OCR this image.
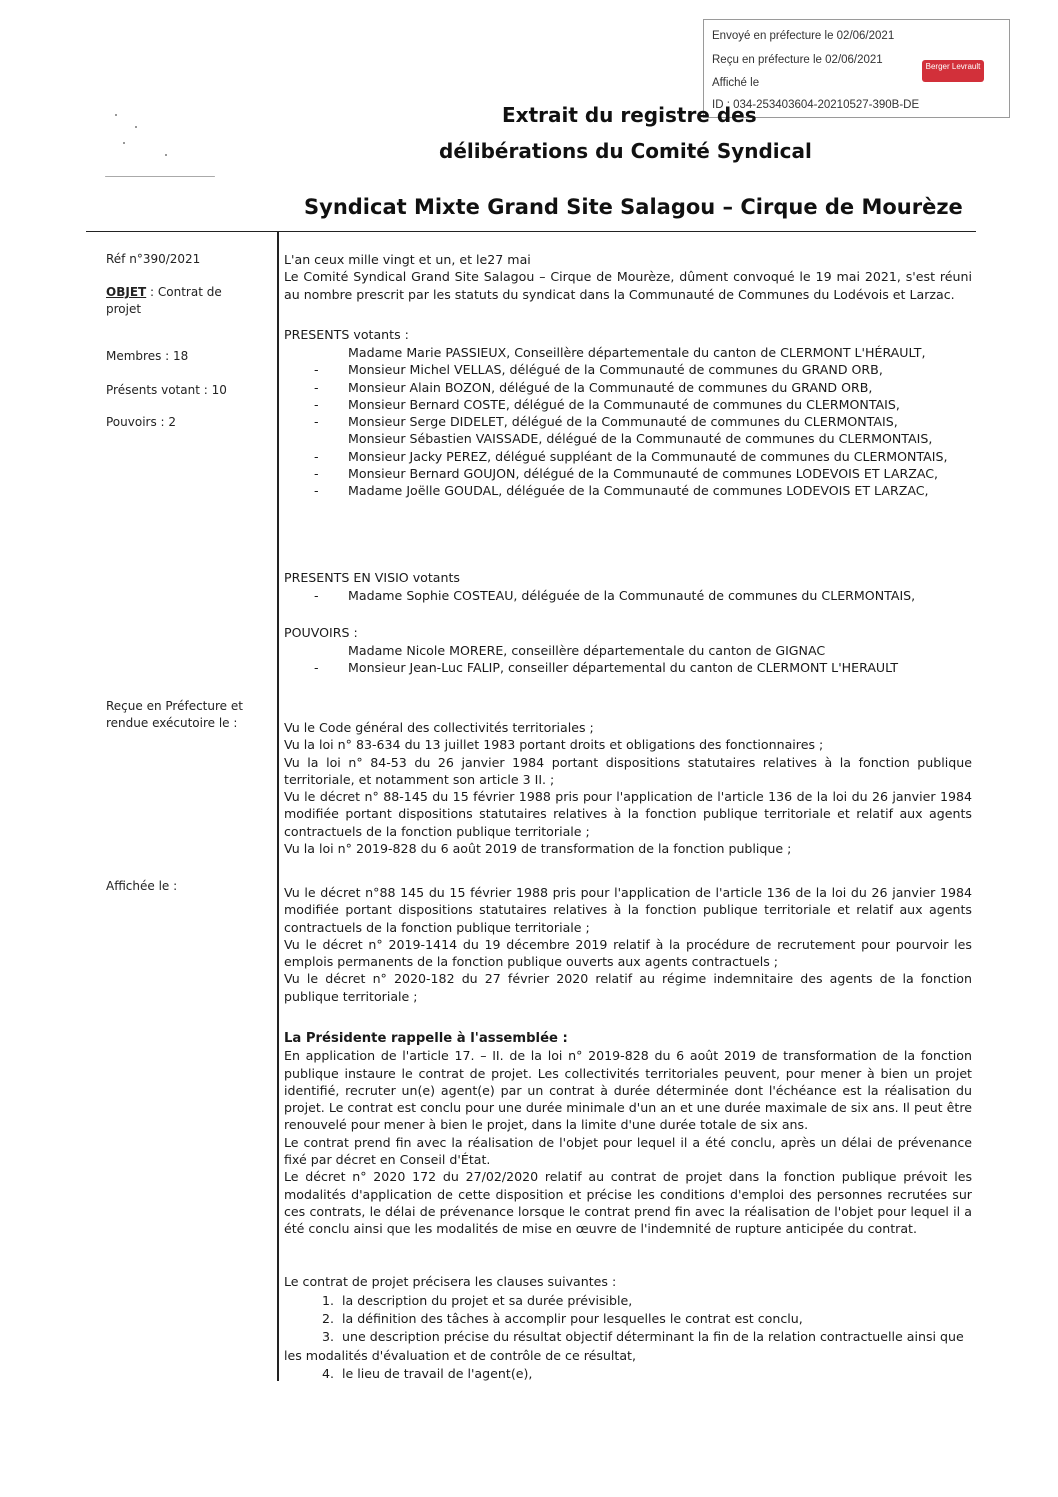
Envoyé en préfecture le 02/06/2021
Reçu en préfecture le 02/06/2021
Affiché le
ID : 034-253403604-20210527-390B-DE
Berger Levrault
Extrait du registre des
délibérations du Comité Syndical
Syndicat Mixte Grand Site Salagou – Cirque de Mourèze
Réf n°390/2021
OBJET : Contrat de projet
Membres : 18
Présents votant : 10
Pouvoirs : 2
Reçue en Préfecture et rendue exécutoire le :
Affichée le :

L'an ceux mille vingt et un, et le27 mai

Le Comité Syndical Grand Site Salagou – Cirque de Mourèze, dûment convoqué le 19 mai 2021, s'est réuni au nombre prescrit par les statuts du syndicat dans la Communauté de Communes du Lodévois et Larzac.

PRESENTS votants :
Madame Marie PASSIEUX, Conseillère départementale du canton de CLERMONT L'HÉRAULT,
- Monsieur Michel VELLAS, délégué de la Communauté de communes du GRAND ORB,
- Monsieur Alain BOZON, délégué de la Communauté de communes du GRAND ORB,
- Monsieur Bernard COSTE, délégué de la Communauté de communes du CLERMONTAIS,
- Monsieur Serge DIDELET, délégué de la Communauté de communes du CLERMONTAIS,
Monsieur Sébastien VAISSADE, délégué de la Communauté de communes du CLERMONTAIS,
- Monsieur Jacky PEREZ, délégué suppléant de la Communauté de communes du CLERMONTAIS,
- Monsieur Bernard GOUJON, délégué de la Communauté de communes LODEVOIS ET LARZAC,
- Madame Joëlle GOUDAL, déléguée de la Communauté de communes LODEVOIS ET LARZAC,
PRESENTS EN VISIO votants
- Madame Sophie COSTEAU, déléguée de la Communauté de communes du CLERMONTAIS,
POUVOIRS :
Madame Nicole MORERE, conseillère départementale du canton de GIGNAC
- Monsieur Jean-Luc FALIP, conseiller départemental du canton de CLERMONT L'HERAULT

Vu le Code général des collectivités territoriales ;

Vu la loi n° 83-634 du 13 juillet 1983 portant droits et obligations des fonctionnaires ;

Vu la loi n° 84-53 du 26 janvier 1984 portant dispositions statutaires relatives à la fonction publique territoriale, et notamment son article 3 II. ;

Vu le décret n° 88-145 du 15 février 1988 pris pour l'application de l'article 136 de la loi du 26 janvier 1984 modifiée portant dispositions statutaires relatives à la fonction publique territoriale et relatif aux agents contractuels de la fonction publique territoriale ;

Vu la loi n° 2019-828 du 6 août 2019 de transformation de la fonction publique ;

Vu le décret n°88 145 du 15 février 1988 pris pour l'application de l'article 136 de la loi du 26 janvier 1984 modifiée portant dispositions statutaires relatives à la fonction publique territoriale et relatif aux agents contractuels de la fonction publique territoriale ;

Vu le décret n° 2019-1414 du 19 décembre 2019 relatif à la procédure de recrutement pour pourvoir les emplois permanents de la fonction publique ouverts aux agents contractuels ;

Vu le décret n° 2020-182 du 27 février 2020 relatif au régime indemnitaire des agents de la fonction publique territoriale ;

La Présidente rappelle à l'assemblée :

En application de l'article 17. – II. de la loi n° 2019-828 du 6 août 2019 de transformation de la fonction publique instaure le contrat de projet. Les collectivités territoriales peuvent, pour mener à bien un projet identifié, recruter un(e) agent(e) par un contrat à durée déterminée dont l'échéance est la réalisation du projet. Le contrat est conclu pour une durée minimale d'un an et une durée maximale de six ans. Il peut être renouvelé pour mener à bien le projet, dans la limite d'une durée totale de six ans.

Le contrat prend fin avec la réalisation de l'objet pour lequel il a été conclu, après un délai de prévenance fixé par décret en Conseil d'État.

Le décret n° 2020 172 du 27/02/2020 relatif au contrat de projet dans la fonction publique prévoit les modalités d'application de cette disposition et précise les conditions d'emploi des personnes recrutées sur ces contrats, le délai de prévenance lorsque le contrat prend fin avec la réalisation de l'objet pour lequel il a été conclu ainsi que les modalités de mise en œuvre de l'indemnité de rupture anticipée du contrat.

Le contrat de projet précisera les clauses suivantes :
1. la description du projet et sa durée prévisible,
2. la définition des tâches à accomplir pour lesquelles le contrat est conclu,
3. une description précise du résultat objectif déterminant la fin de la relation contractuelle ainsi que les modalités d'évaluation et de contrôle de ce résultat,
4. le lieu de travail de l'agent(e),
